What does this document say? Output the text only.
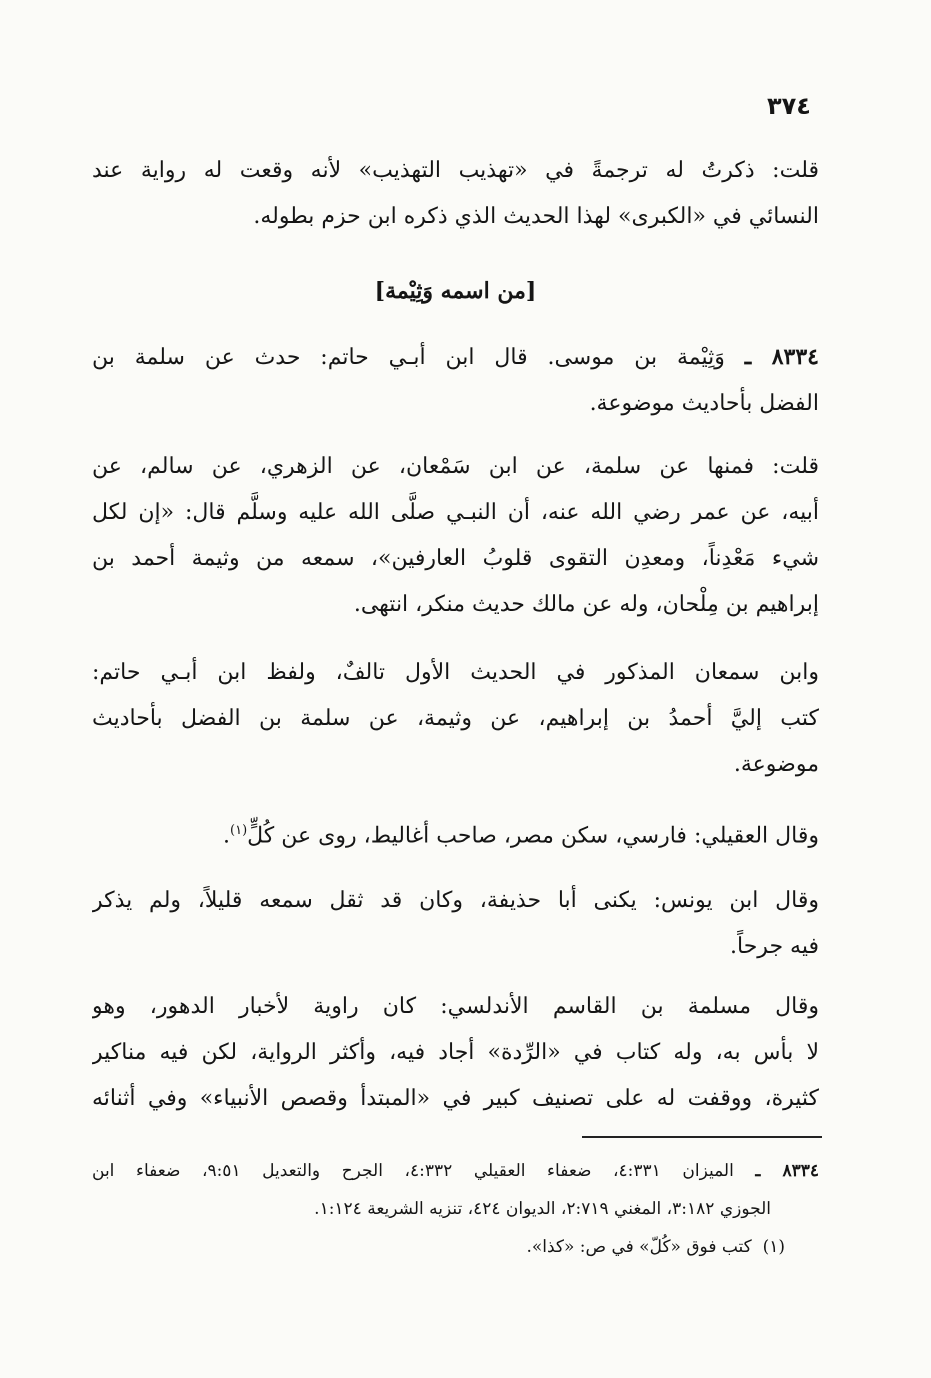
٣٧٤
قلت: ذكرتُ له ترجمةً في «تهذيب التهذيب» لأنه وقعت له رواية عند
النسائي في «الكبرى» لهذا الحديث الذي ذكره ابن حزم بطوله.
[من اسمه وَثِيْمة]
٨٣٣٤ ـ وَثِيْمة بن موسى. قال ابن أبـي حاتم: حدث عن سلمة بن
الفضل بأحاديث موضوعة.
قلت: فمنها عن سلمة، عن ابن سَمْعان، عن الزهري، عن سالم، عن
أبيه، عن عمر رضي الله عنه، أن النبـي صلَّى الله عليه وسلَّم قال: «إن لكل
شيء مَعْدِناً، ومعدِن التقوى قلوبُ العارفين»، سمعه من وثيمة أحمد بن
إبراهيم بن مِلْحان، وله عن مالك حديث منكر، انتهى.
وابن سمعان المذكور في الحديث الأول تالفٌ، ولفظ ابن أبـي حاتم:
كتب إليَّ أحمدُ بن إبراهيم، عن وثيمة، عن سلمة بن الفضل بأحاديث
موضوعة.
وقال العقيلي: فارسي، سكن مصر، صاحب أغاليط، روى عن كُلٍّ$^{(١)}$.
وقال ابن يونس: يكنى أبا حذيفة، وكان قد ثقل سمعه قليلاً، ولم يذكر
فيه جرحاً.
وقال مسلمة بن القاسم الأندلسي: كان راوية لأخبار الدهور، وهو
لا بأس به، وله كتاب في «الرِّدة» أجاد فيه، وأكثر الرواية، لكن فيه مناكير
كثيرة، ووقفت له على تصنيف كبير في «المبتدأ وقصص الأنبياء» وفي أثنائه
٨٣٣٤ ـ الميزان ٤:٣٣١، ضعفاء العقيلي ٤:٣٣٢، الجرح والتعديل ٩:٥١، ضعفاء ابن
الجوزي ٣:١٨٢، المغني ٢:٧١٩، الديوان ٤٢٤، تنزيه الشريعة ١:١٢٤.
(١)  كتب فوق «كُلّ» في ص: «كذا».
